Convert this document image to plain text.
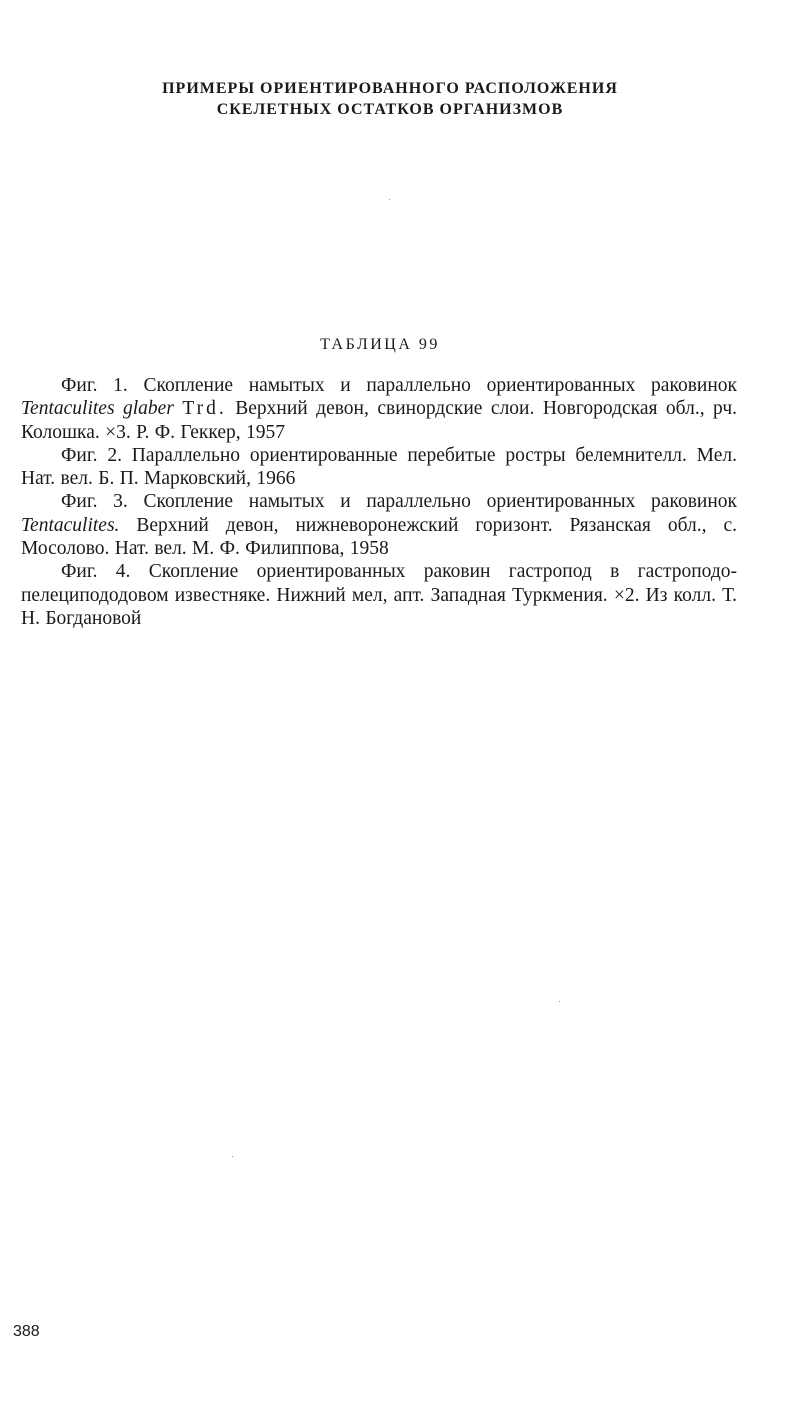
ПРИМЕРЫ ОРИЕНТИРОВАННОГО РАСПОЛОЖЕНИЯ
СКЕЛЕТНЫХ ОСТАТКОВ ОРГАНИЗМОВ
ТАБЛИЦА 99

Фиг. 1. Скопление намытых и параллельно ориентированных раковинок Tentaculites glaber Trd. Верхний девон, свинордские слои. Новгородская обл., рч. Колошка. ×3. Р. Ф. Геккер, 1957

Фиг. 2. Параллельно ориентированные перебитые ростры белемнителл. Мел. Нат. вел. Б. П. Марковский, 1966

Фиг. 3. Скопление намытых и параллельно ориентированных раковинок Tentaculites. Верхний девон, нижневоронежский горизонт. Рязанская обл., с. Мосолово. Нат. вел. М. Ф. Филиппова, 1958

Фиг. 4. Скопление ориентированных раковин гастропод в гастроподо-пелеципододовом известняке. Нижний мел, апт. Западная Туркмения. ×2. Из колл. Т. Н. Богдановой

388
